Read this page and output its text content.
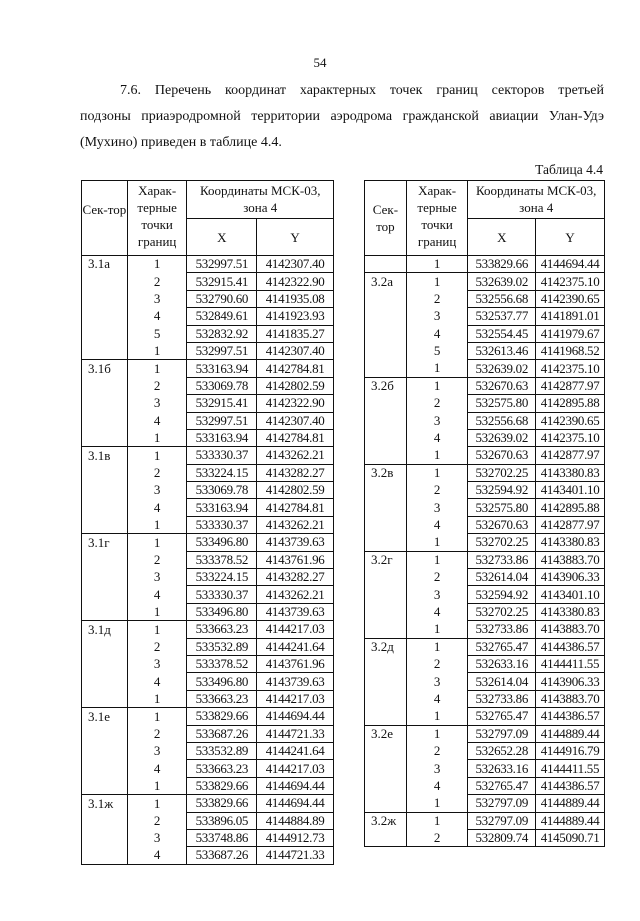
54
7.6. Перечень координат характерных точек границ секторов третьей
подзоны приаэродромной территории аэродрома гражданской авиации Улан-Удэ
(Мухино) приведен в таблице 4.4.
Таблица 4.4
Сек-тор	Харак-терные точки границ	Координаты МСК-03, зона 4	
		X	Y
3.1а	1	532997.51	4142307.40
	2	532915.41	4142322.90
	3	532790.60	4141935.08
	4	532849.61	4141923.93
	5	532832.92	4141835.27
	1	532997.51	4142307.40
3.1б	1	533163.94	4142784.81
	2	533069.78	4142802.59
	3	532915.41	4142322.90
	4	532997.51	4142307.40
	1	533163.94	4142784.81
3.1в	1	533330.37	4143262.21
	2	533224.15	4143282.27
	3	533069.78	4142802.59
	4	533163.94	4142784.81
	1	533330.37	4143262.21
3.1г	1	533496.80	4143739.63
	2	533378.52	4143761.96
	3	533224.15	4143282.27
	4	533330.37	4143262.21
	1	533496.80	4143739.63
3.1д	1	533663.23	4144217.03
	2	533532.89	4144241.64
	3	533378.52	4143761.96
	4	533496.80	4143739.63
	1	533663.23	4144217.03
3.1е	1	533829.66	4144694.44
	2	533687.26	4144721.33
	3	533532.89	4144241.64
	4	533663.23	4144217.03
	1	533829.66	4144694.44
3.1ж	1	533829.66	4144694.44
	2	533896.05	4144884.89
	3	533748.86	4144912.73
	4	533687.26	4144721.33
Сек-тор	Харак-терные точки границ	Координаты МСК-03, зона 4	
		X	Y
	1	533829.66	4144694.44
3.2а	1	532639.02	4142375.10
	2	532556.68	4142390.65
	3	532537.77	4141891.01
	4	532554.45	4141979.67
	5	532613.46	4141968.52
	1	532639.02	4142375.10
3.2б	1	532670.63	4142877.97
	2	532575.80	4142895.88
	3	532556.68	4142390.65
	4	532639.02	4142375.10
	1	532670.63	4142877.97
3.2в	1	532702.25	4143380.83
	2	532594.92	4143401.10
	3	532575.80	4142895.88
	4	532670.63	4142877.97
	1	532702.25	4143380.83
3.2г	1	532733.86	4143883.70
	2	532614.04	4143906.33
	3	532594.92	4143401.10
	4	532702.25	4143380.83
	1	532733.86	4143883.70
3.2д	1	532765.47	4144386.57
	2	532633.16	4144411.55
	3	532614.04	4143906.33
	4	532733.86	4143883.70
	1	532765.47	4144386.57
3.2е	1	532797.09	4144889.44
	2	532652.28	4144916.79
	3	532633.16	4144411.55
	4	532765.47	4144386.57
	1	532797.09	4144889.44
3.2ж	1	532797.09	4144889.44
	2	532809.74	4145090.71
